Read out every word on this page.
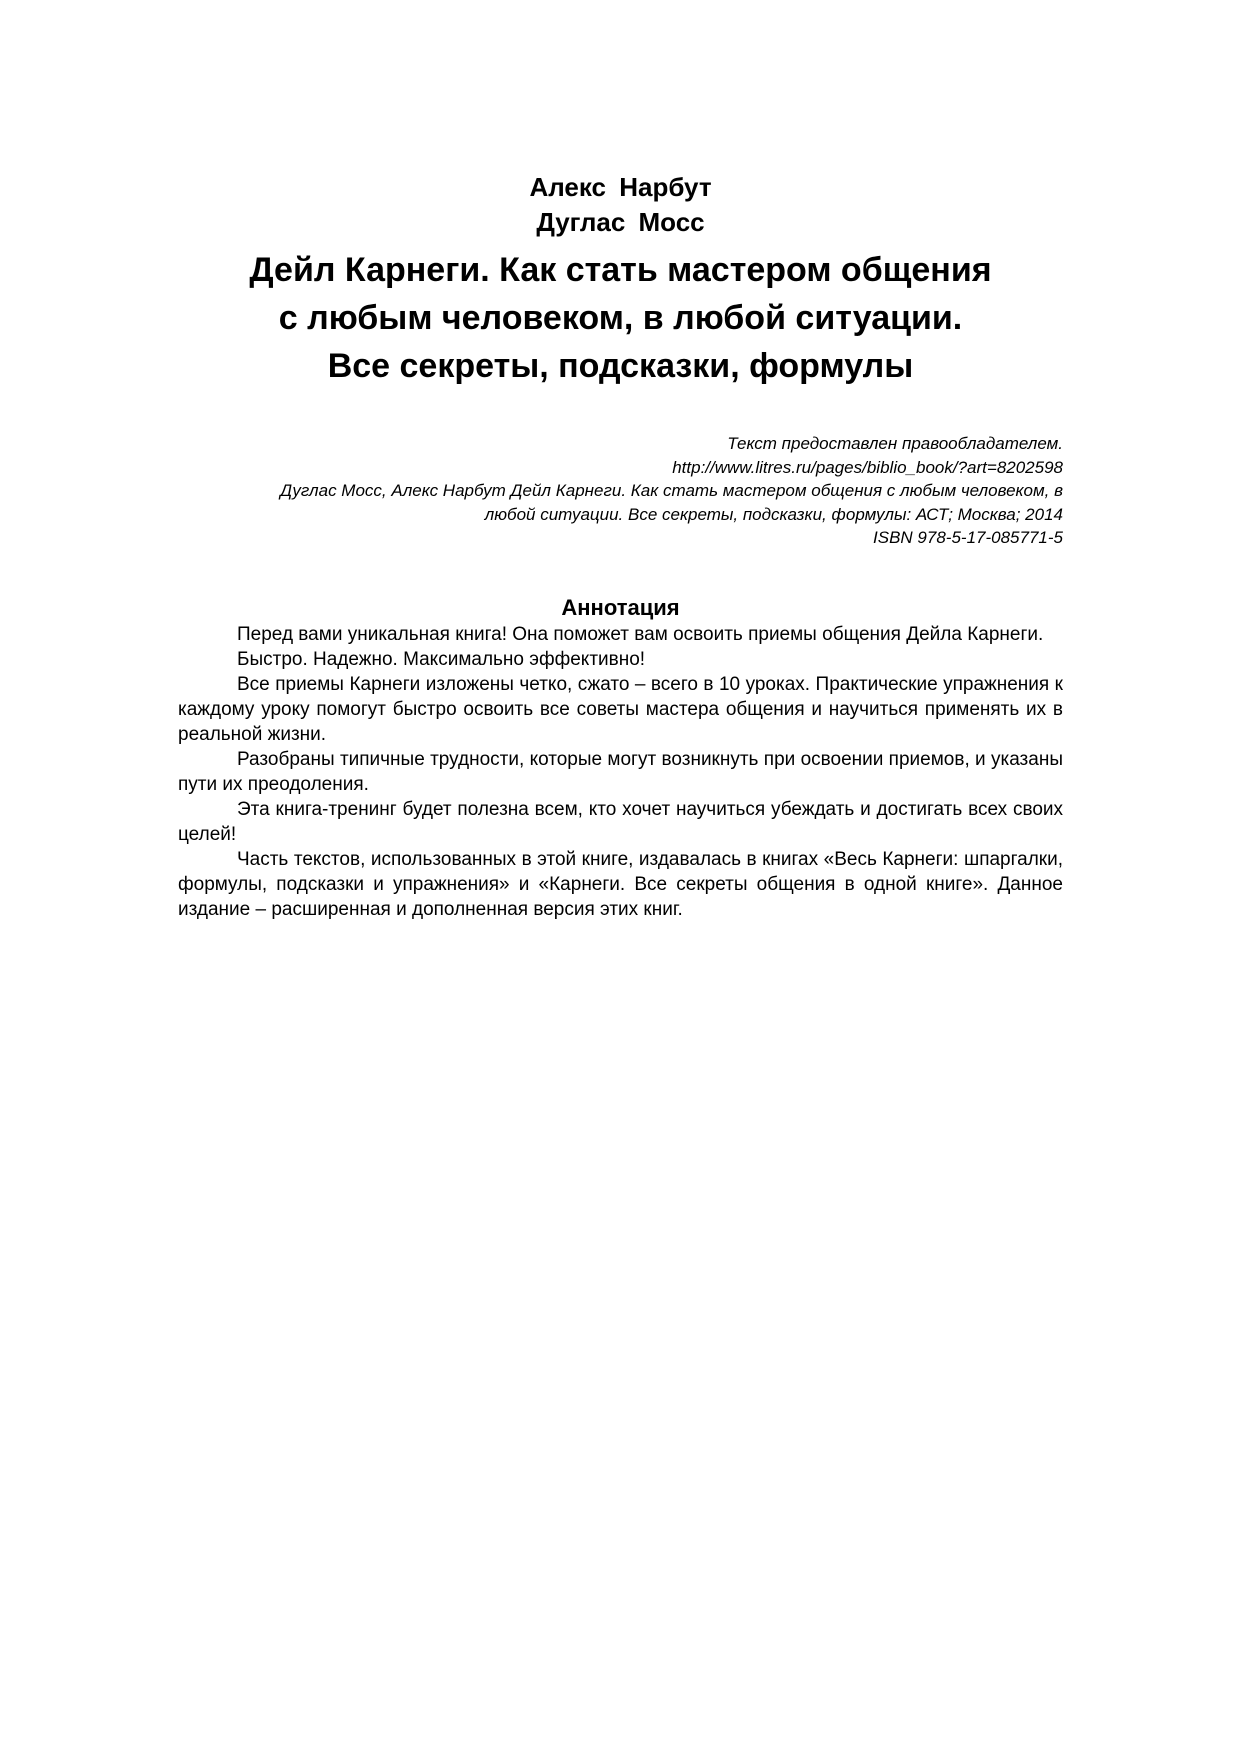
Алекс Нарбут
Дуглас Мосс
Дейл Карнеги. Как стать мастером общения
с любым человеком, в любой ситуации.
Все секреты, подсказки, формулы
Текст предоставлен правообладателем.
http://www.litres.ru/pages/biblio_book/?art=8202598
Дуглас Мосс, Алекс Нарбут Дейл Карнеги. Как стать мастером общения с любым человеком, в
любой ситуации. Все секреты, подсказки, формулы: АСТ; Москва; 2014
ISBN 978-5-17-085771-5
Аннотация

Перед вами уникальная книга! Она поможет вам освоить приемы общения Дейла Карнеги.

Быстро. Надежно. Максимально эффективно!

Все приемы Карнеги изложены четко, сжато – всего в 10 уроках. Практические упражнения к каждому уроку помогут быстро освоить все советы мастера общения и научиться применять их в реальной жизни.

Разобраны типичные трудности, которые могут возникнуть при освоении приемов, и указаны пути их преодоления.

Эта книга-тренинг будет полезна всем, кто хочет научиться убеждать и достигать всех своих целей!

Часть текстов, использованных в этой книге, издавалась в книгах «Весь Карнеги: шпаргалки, формулы, подсказки и упражнения» и «Карнеги. Все секреты общения в одной книге». Данное издание – расширенная и дополненная версия этих книг.
